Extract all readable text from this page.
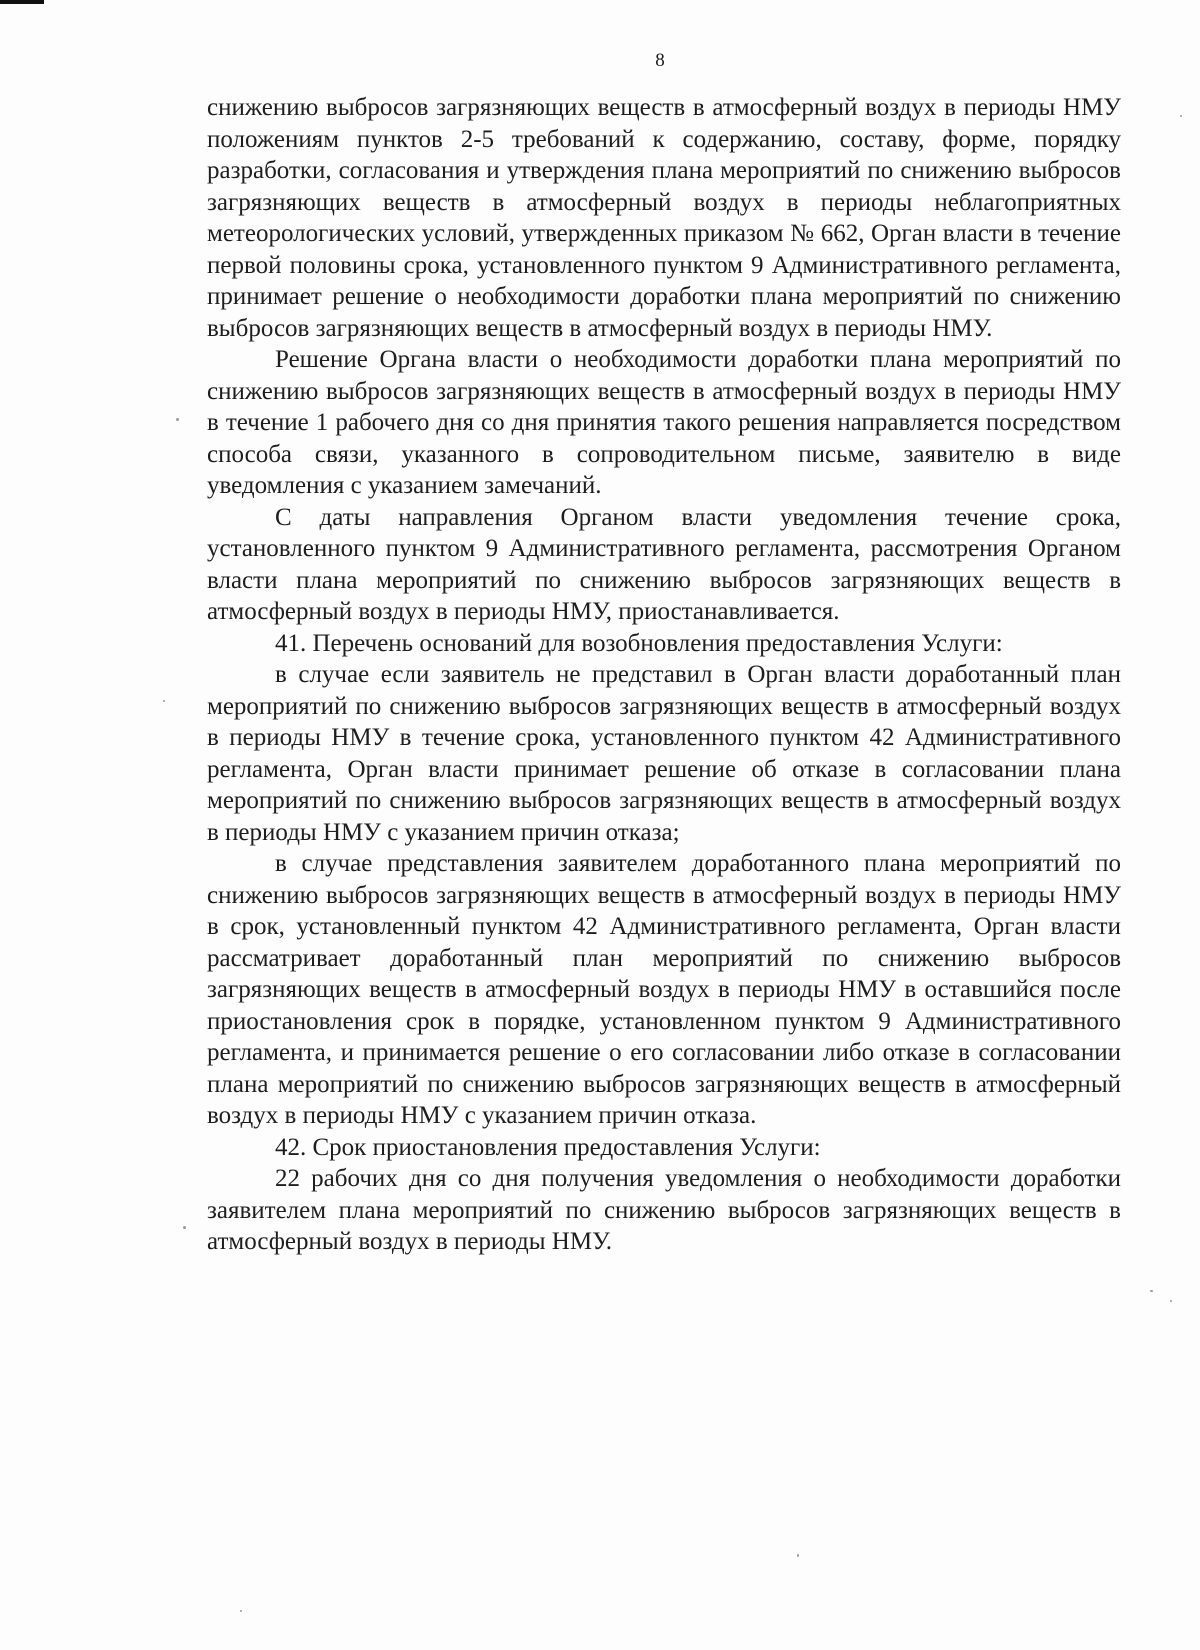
8

снижению выбросов загрязняющих веществ в атмосферный воздух в периоды НМУ положениям пунктов 2-5 требований к содержанию, составу, форме, порядку разработки, согласования и утверждения плана мероприятий по снижению выбросов загрязняющих веществ в атмосферный воздух в периоды неблагоприятных метеорологических условий, утвержденных приказом № 662, Орган власти в течение первой половины срока, установленного пунктом 9 Административного регламента, принимает решение о необходимости доработки плана мероприятий по снижению выбросов загрязняющих веществ в атмосферный воздух в периоды НМУ.

Решение Органа власти о необходимости доработки плана мероприятий по снижению выбросов загрязняющих веществ в атмосферный воздух в периоды НМУ в течение 1 рабочего дня со дня принятия такого решения направляется посредством способа связи, указанного в сопроводительном письме, заявителю в виде уведомления с указанием замечаний.

С даты направления Органом власти уведомления течение срока, установленного пунктом 9 Административного регламента, рассмотрения Органом власти плана мероприятий по снижению выбросов загрязняющих веществ в атмосферный воздух в периоды НМУ, приостанавливается.

41. Перечень оснований для возобновления предоставления Услуги:

в случае если заявитель не представил в Орган власти доработанный план мероприятий по снижению выбросов загрязняющих веществ в атмосферный воздух в периоды НМУ в течение срока, установленного пунктом 42 Административного регламента, Орган власти принимает решение об отказе в согласовании плана мероприятий по снижению выбросов загрязняющих веществ в атмосферный воздух в периоды НМУ с указанием причин отказа;

в случае представления заявителем доработанного плана мероприятий по снижению выбросов загрязняющих веществ в атмосферный воздух в периоды НМУ в срок, установленный пунктом 42 Административного регламента, Орган власти рассматривает доработанный план мероприятий по снижению выбросов загрязняющих веществ в атмосферный воздух в периоды НМУ в оставшийся после приостановления срок в порядке, установленном пунктом 9 Административного регламента, и принимается решение о его согласовании либо отказе в согласовании плана мероприятий по снижению выбросов загрязняющих веществ в атмосферный воздух в периоды НМУ с указанием причин отказа.

42. Срок приостановления предоставления Услуги:

22 рабочих дня со дня получения уведомления о необходимости доработки заявителем плана мероприятий по снижению выбросов загрязняющих веществ в атмосферный воздух в периоды НМУ.
